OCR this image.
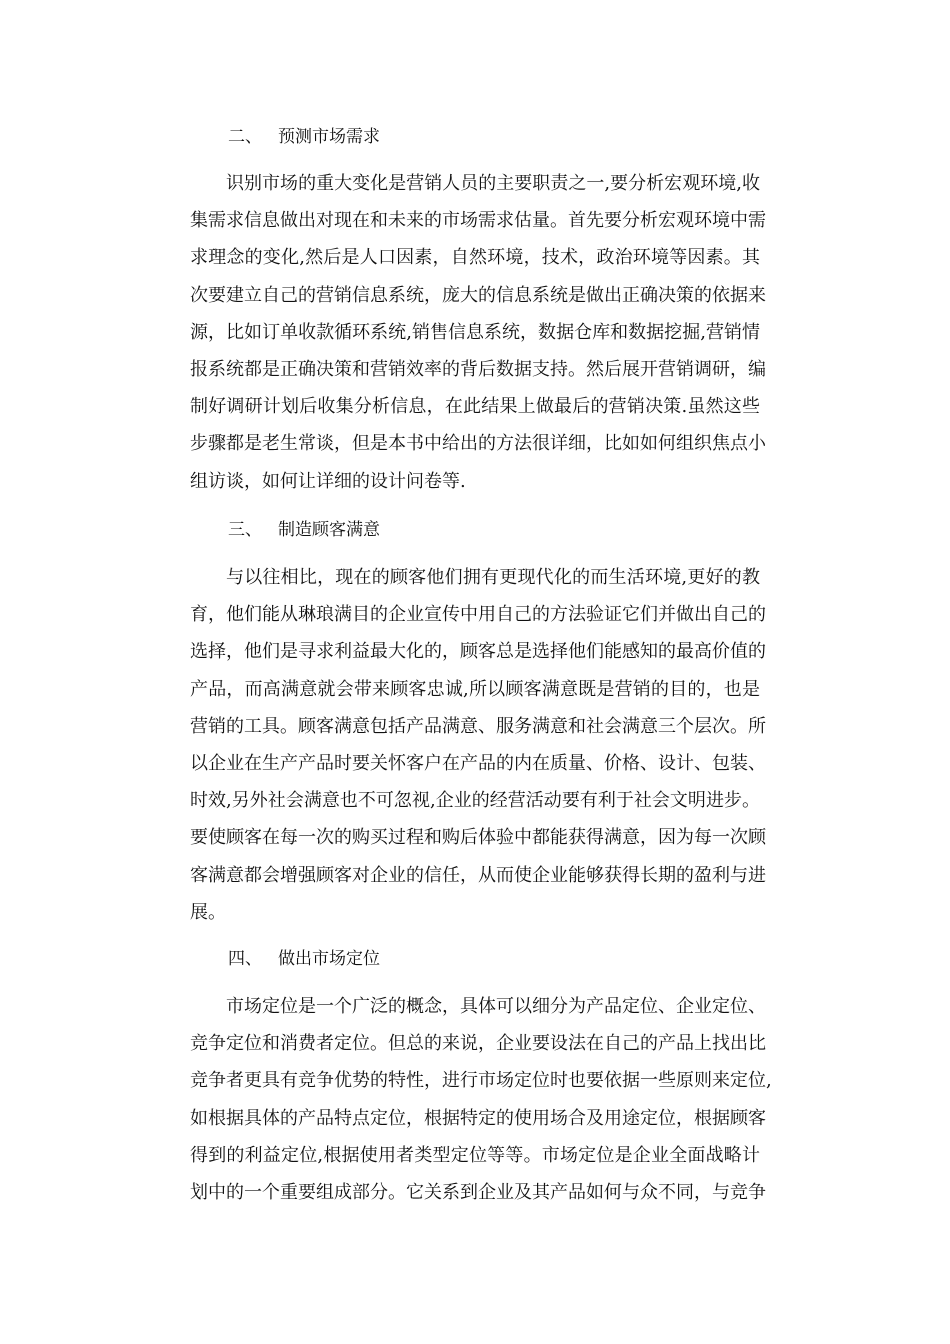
二、 预测市场需求
识别市场的重大变化是营销人员的主要职责之一,要分析宏观环境,收
集需求信息做出对现在和未来的市场需求估量。首先要分析宏观环境中需
求理念的变化,然后是人口因素，自然环境，技术，政治环境等因素。其
次要建立自己的营销信息系统，庞大的信息系统是做出正确决策的依据来
源，比如订单收款循环系统,销售信息系统，数据仓库和数据挖掘,营销情
报系统都是正确决策和营销效率的背后数据支持。然后展开营销调研，编
制好调研计划后收集分析信息，在此结果上做最后的营销决策.虽然这些
步骤都是老生常谈，但是本书中给出的方法很详细，比如如何组织焦点小
组访谈，如何让详细的设计问卷等.
三、 制造顾客满意
与以往相比，现在的顾客他们拥有更现代化的而生活环境,更好的教
育，他们能从琳琅满目的企业宣传中用自己的方法验证它们并做出自己的
选择，他们是寻求利益最大化的，顾客总是选择他们能感知的最高价值的
产品，而高满意就会带来顾客忠诚,所以顾客满意既是营销的目的，也是
营销的工具。顾客满意包括产品满意、服务满意和社会满意三个层次。所
以企业在生产产品时要关怀客户在产品的内在质量、价格、设计、包装、
时效,另外社会满意也不可忽视,企业的经营活动要有利于社会文明进步。
要使顾客在每一次的购买过程和购后体验中都能获得满意，因为每一次顾
客满意都会增强顾客对企业的信任，从而使企业能够获得长期的盈利与进
展。
四、 做出市场定位
市场定位是一个广泛的概念，具体可以细分为产品定位、企业定位、
竞争定位和消费者定位。但总的来说，企业要设法在自己的产品上找出比
竞争者更具有竞争优势的特性，进行市场定位时也要依据一些原则来定位,
如根据具体的产品特点定位，根据特定的使用场合及用途定位，根据顾客
得到的利益定位,根据使用者类型定位等等。市场定位是企业全面战略计
划中的一个重要组成部分。它关系到企业及其产品如何与众不同，与竞争
